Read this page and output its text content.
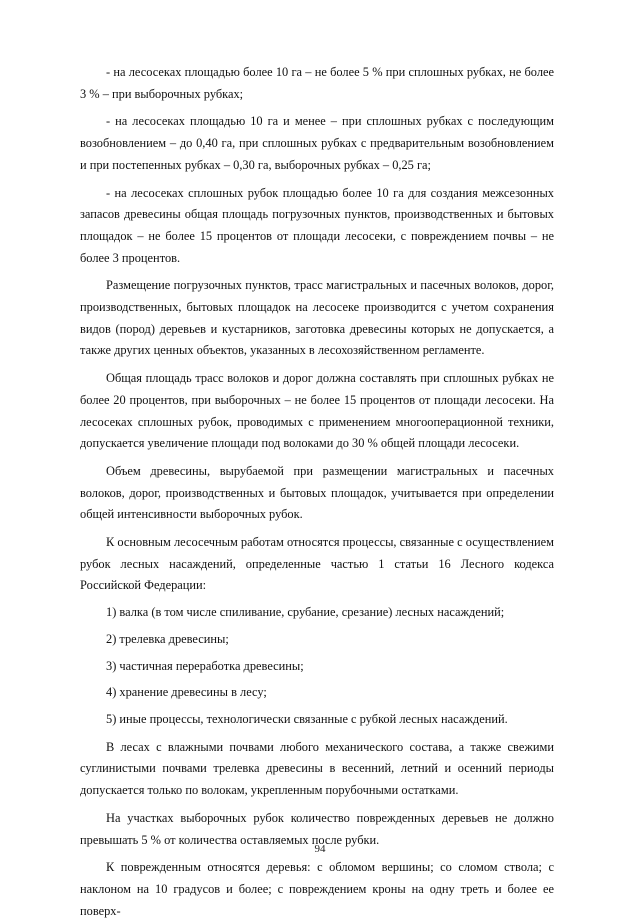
- на лесосеках площадью более 10 га – не более 5 % при сплошных рубках, не более 3 % – при выборочных рубках;

- на лесосеках площадью 10 га и менее – при сплошных рубках с последующим возобновлением – до 0,40 га, при сплошных рубках с предварительным возобновлением и при постепенных рубках – 0,30 га, выборочных рубках – 0,25 га;

- на лесосеках сплошных рубок площадью более 10 га для создания межсезонных запасов древесины общая площадь погрузочных пунктов, производственных и бытовых площадок – не более 15 процентов от площади лесосеки, с повреждением почвы – не более 3 процентов.

Размещение погрузочных пунктов, трасс магистральных и пасечных волоков, дорог, производственных, бытовых площадок на лесосеке производится с учетом сохранения видов (пород) деревьев и кустарников, заготовка древесины которых не допускается, а также других ценных объектов, указанных в лесохозяйственном регламенте.

Общая площадь трасс волоков и дорог должна составлять при сплошных рубках не более 20 процентов, при выборочных – не более 15 процентов от площади лесосеки. На лесосеках сплошных рубок, проводимых с применением многооперационной техники, допускается увеличение площади под волоками до 30 % общей площади лесосеки.

Объем древесины, вырубаемой при размещении магистральных и пасечных волоков, дорог, производственных и бытовых площадок, учитывается при определении общей интенсивности выборочных рубок.

К основным лесосечным работам относятся процессы, связанные с осуществлением рубок лесных насаждений, определенные частью 1 статьи 16 Лесного кодекса Российской Федерации:

1) валка (в том числе спиливание, срубание, срезание) лесных насаждений;

2) трелевка древесины;

3) частичная переработка древесины;

4) хранение древесины в лесу;

5) иные процессы, технологически связанные с рубкой лесных насаждений.

В лесах с влажными почвами любого механического состава, а также свежими суглинистыми почвами трелевка древесины в весенний, летний и осенний периоды допускается только по волокам, укрепленным порубочными остатками.

На участках выборочных рубок количество поврежденных деревьев не должно превышать 5 % от количества оставляемых после рубки.

К поврежденным относятся деревья: с обломом вершины; со сломом ствола; с наклоном на 10 градусов и более; с повреждением кроны на одну треть и более ее поверх-

94
